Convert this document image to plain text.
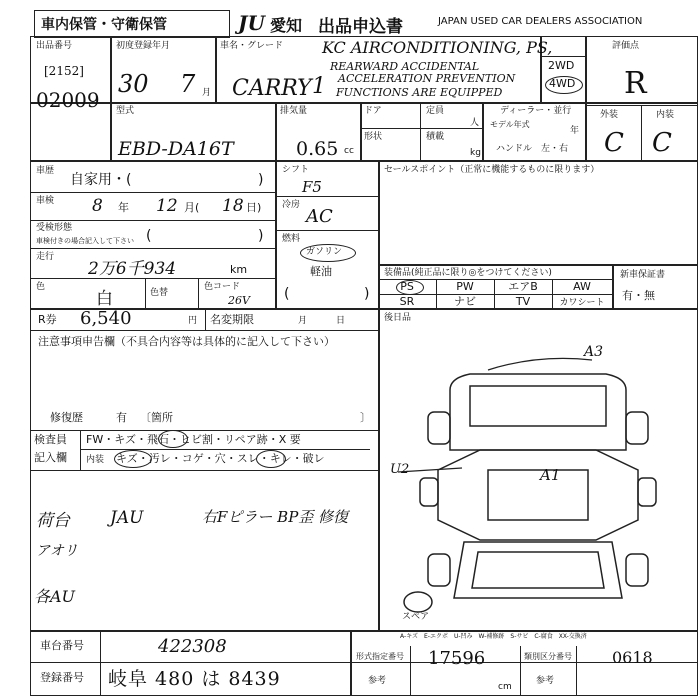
車内保管・守衛保管	JU 愛知 出品申込書	JAPAN USED CAR DEALERS ASSOCIATION
出品番号
[2152]
02009
初度登録年月
30 7 月
車名・グレード KC AIRCONDITIONING, PS,
REARWARD ACCIDENTAL
ACCELERATION PREVENTION
FUNCTIONS ARE EQUIPPED
CARRY 1
2WD
4WD
評価点
R
外装	内装
C C
型式
EBD-DA16T
排気量
0.65 cc
ドア	定員
人
形状	積載
kg
ディーラー・並行
モデル年式
年
ハンドル　左・右
車歴
自家用・(	)
車検 8 年 12 月( 18 日)
受検形態
車検付きの場合記入して下さい (	)
走行
2万6千934	km
色
白	色替
色コード
26V
シフト
F5
冷房
AC
燃料
ガソリン
軽油
(	)
セールスポイント（正常に機能するものに限ります）
装備品(純正品に限り◎をつけてください)
PS	PW	エアB	AW
SR	ナビ	TV	カワシート
新車保証書
有・無
R券 6,540	円 名変期限	月	日	後日品
注意事項申告欄（不具合内容等は具体的に記入して下さい）
修復歴	有 〔箇所	〕
検査員
記入欄
FW・キズ・飛石・ヒビ割・リペア跡・X 要
内装 キズ・汚レ・コゲ・穴・スレ・キレ・破レ
荷台 JAU	右Fピラー BP歪 修復
アオリ
各AU
A3
A1
U2
スペア
A-キズ　E-エクボ　U-凹み　W-補修跡　S-サビ　C-腐食　XX-交換済
車台番号	422308
登録番号 岐阜 480 は 8439
形式指定番号 17596	類別区分番号	0618
参考
cm
参考
